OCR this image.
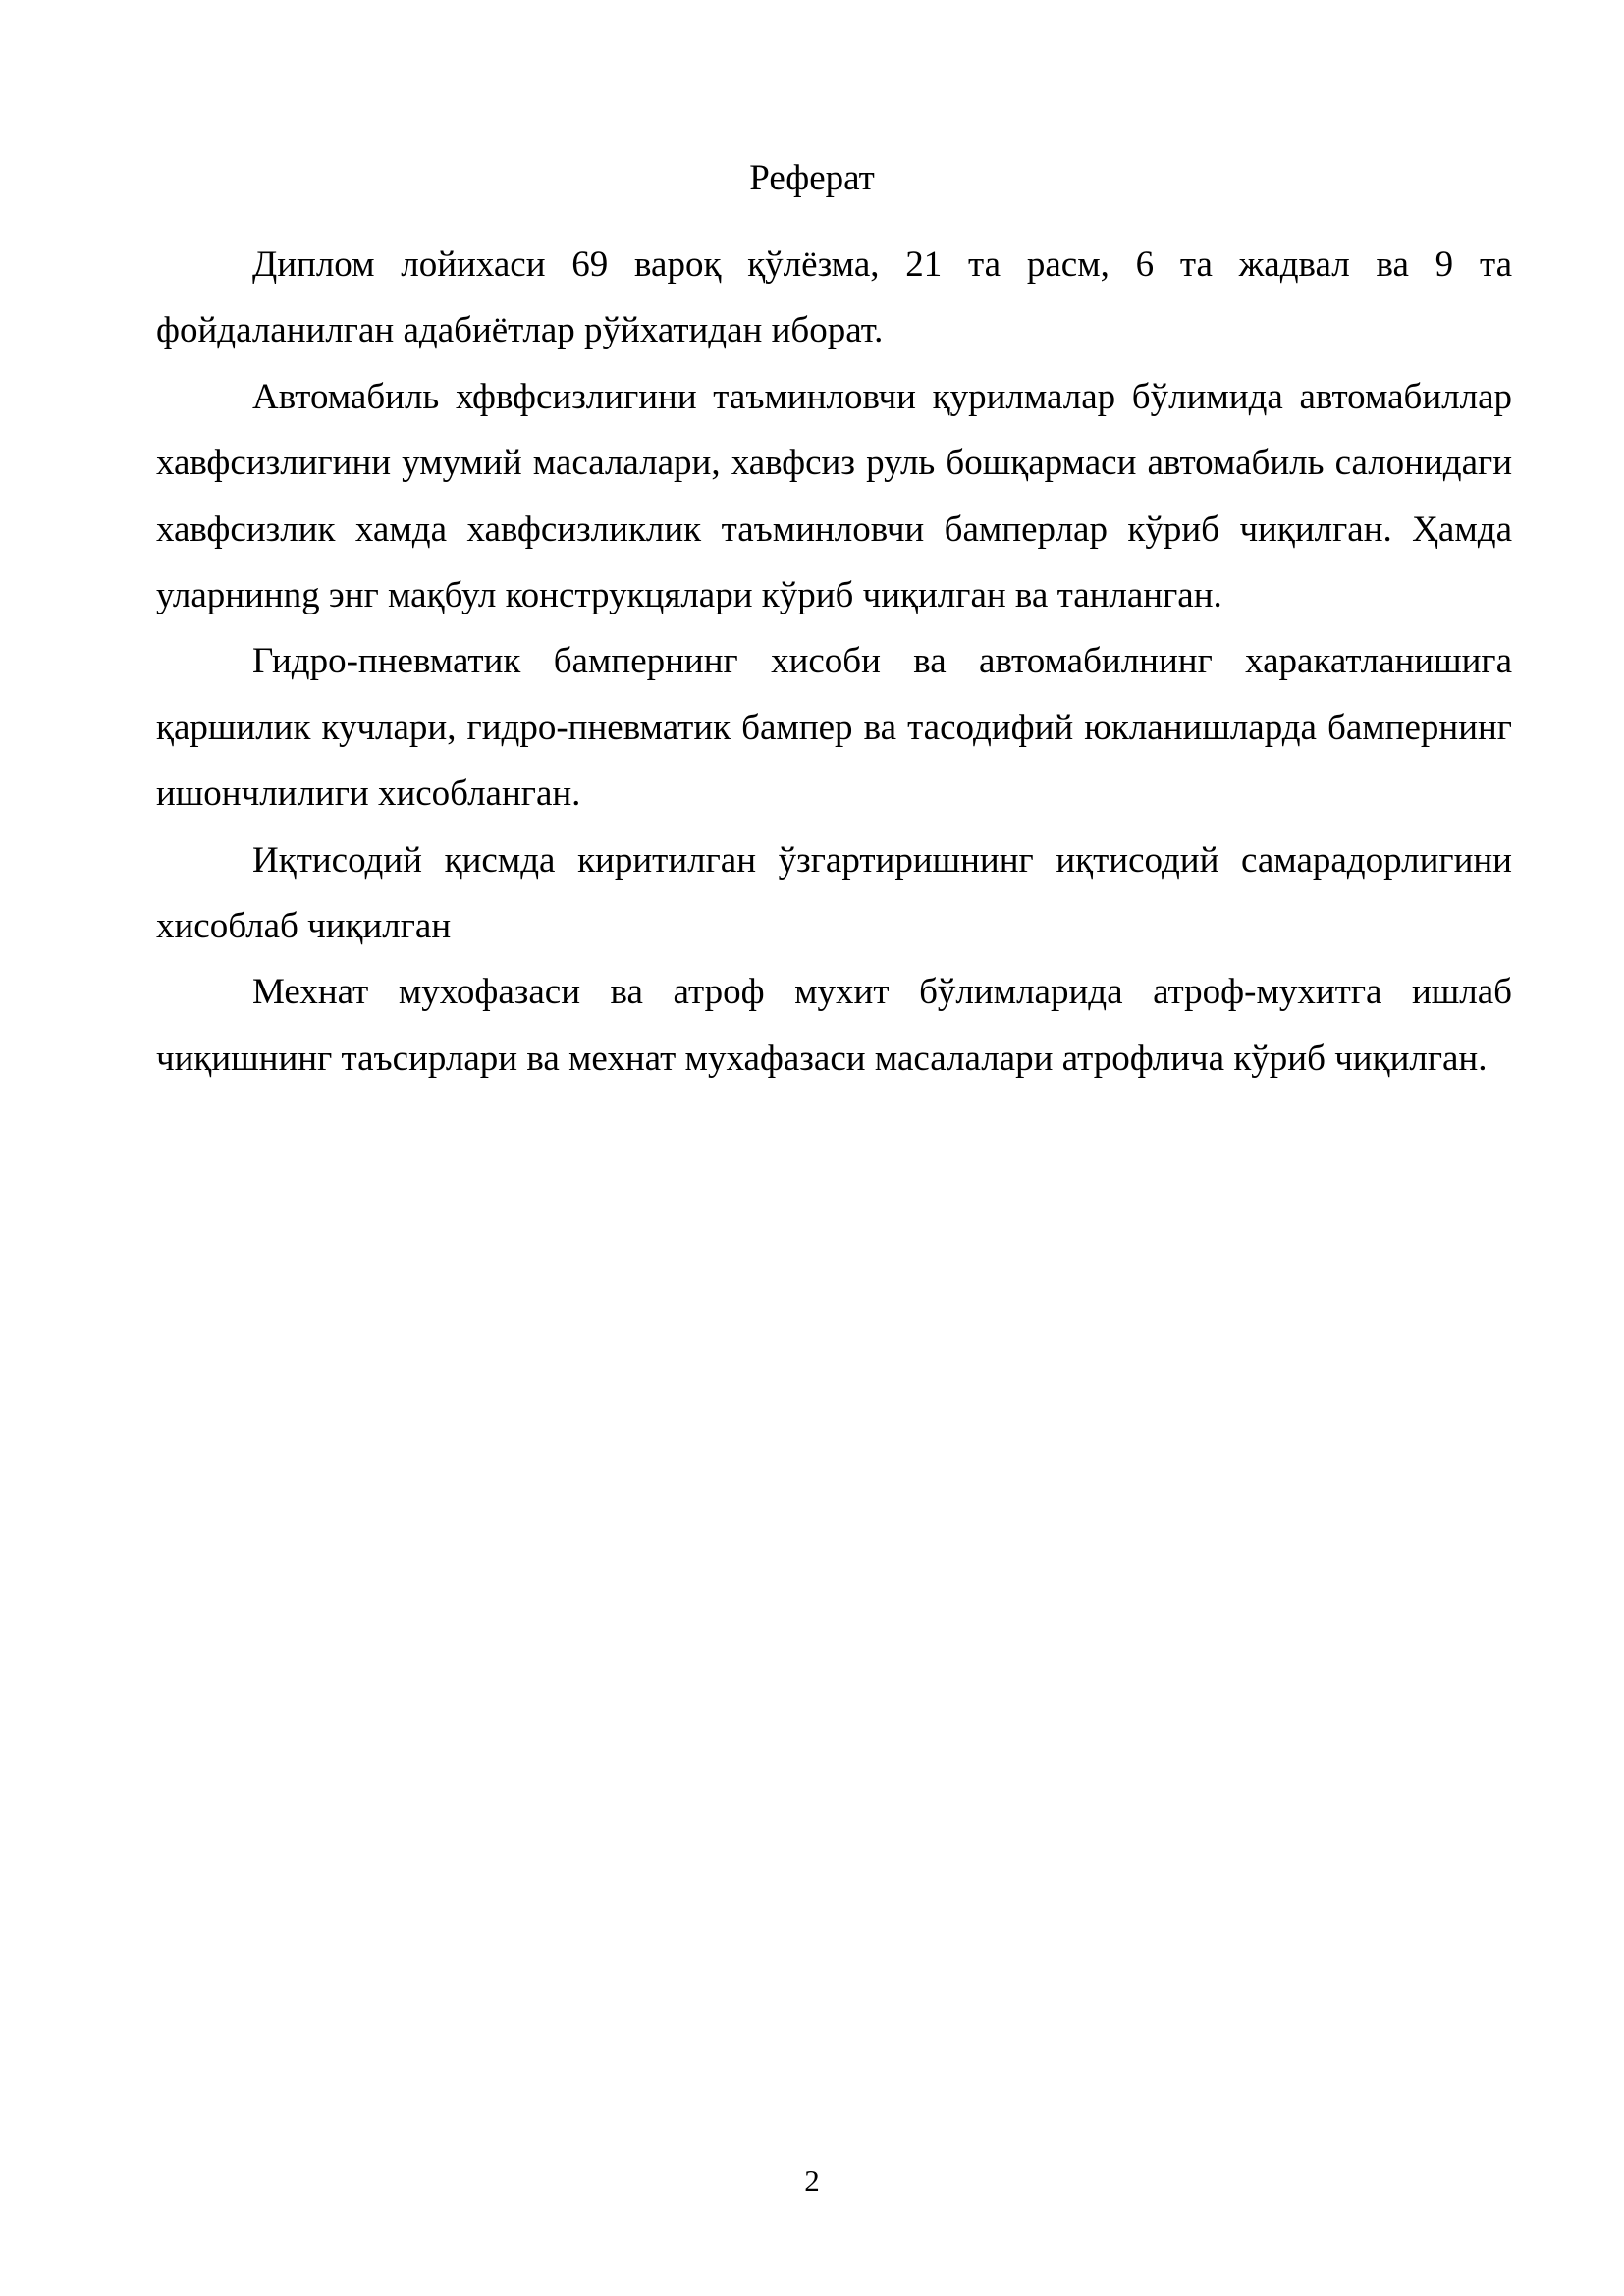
Реферат

Диплом лойихаси 69 вароқ қўлёзма, 21 та расм, 6 та жадвал ва 9 та фойдаланилган адабиётлар рўйхатидан иборат.

Автомабиль хфвфсизлигини таъминловчи қурилмалар бўлимида автомабиллар хавфсизлигини умумий масалалари, хавфсиз руль бошқармаси автомабиль салонидаги хавфсизлик хамда хавфсизликлик таъминловчи бамперлар кўриб чиқилган. Ҳамда уларнинng энг мақбул конструкцялари кўриб чиқилган ва танланган.

Гидро-пневматик бампернинг хисоби ва автомабилнинг харакатланишига қаршилик кучлари, гидро-пневматик бампер ва тасодифий юкланишларда бампернинг ишончлилиги хисобланган.

Иқтисодий қисмда киритилган ўзгартиришнинг иқтисодий самарадорлигини хисоблаб чиқилган

Мехнат мухофазаси ва атроф мухит бўлимларида атроф-мухитга ишлаб чиқишнинг таъсирлари ва мехнат мухафазаси масалалари атрофлича кўриб чиқилган.

2
